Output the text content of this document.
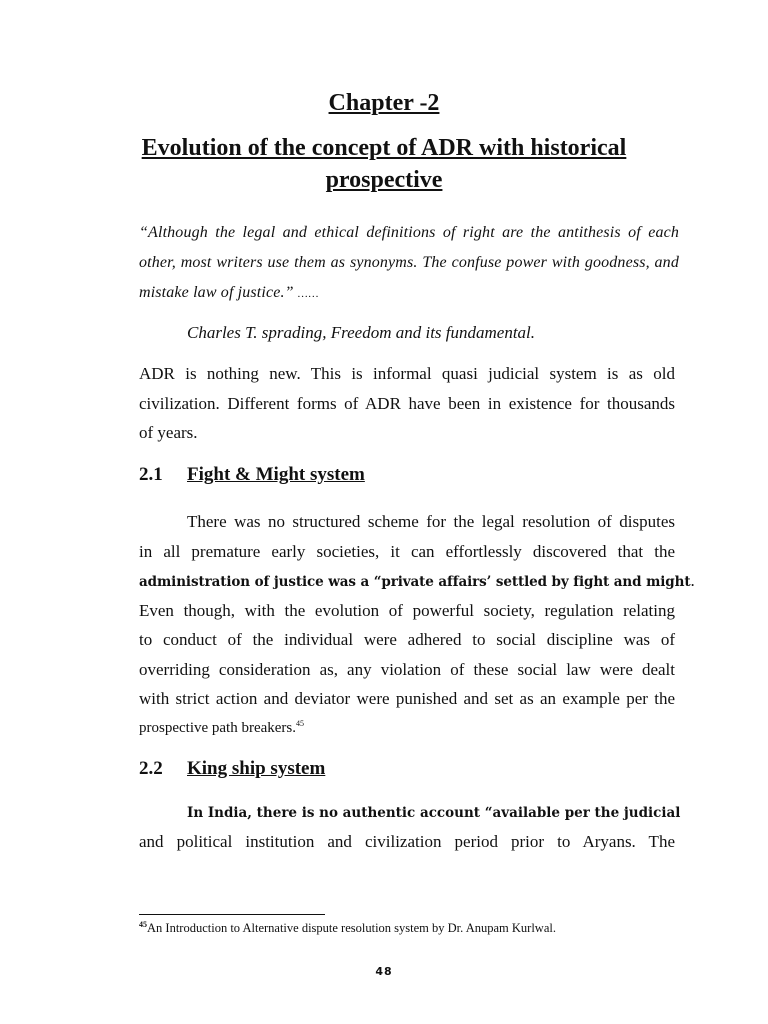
Chapter -2
Evolution of the concept of ADR with historical prospective
“Although the legal and ethical definitions of right are the antithesis of each other, most writers use them as synonyms. The confuse power with goodness, and mistake law of justice.” ……
Charles T. sprading, Freedom and its fundamental.
ADR is nothing new. This is informal quasi judicial system is as old
civilization. Different forms of ADR have been in existence for thousands
of years.
2.1 Fight & Might system
There was no structured scheme for the legal resolution of disputes
in all premature early societies, it can effortlessly discovered that the
administration of justice was a “private affairs’ settled by fight and might.
Even though, with the evolution of powerful society, regulation relating
to conduct of the individual were adhered to social discipline was of
overriding consideration as, any violation of these social law were dealt
with strict action and deviator were punished and set as an example per the
prospective path breakers.$^{45}$
2.2 King ship system
In India, there is no authentic account “available per the judicial
and political institution and civilization period prior to Aryans. The
$^{45}$An Introduction to Alternative dispute resolution system by Dr. Anupam Kurlwal.
48
